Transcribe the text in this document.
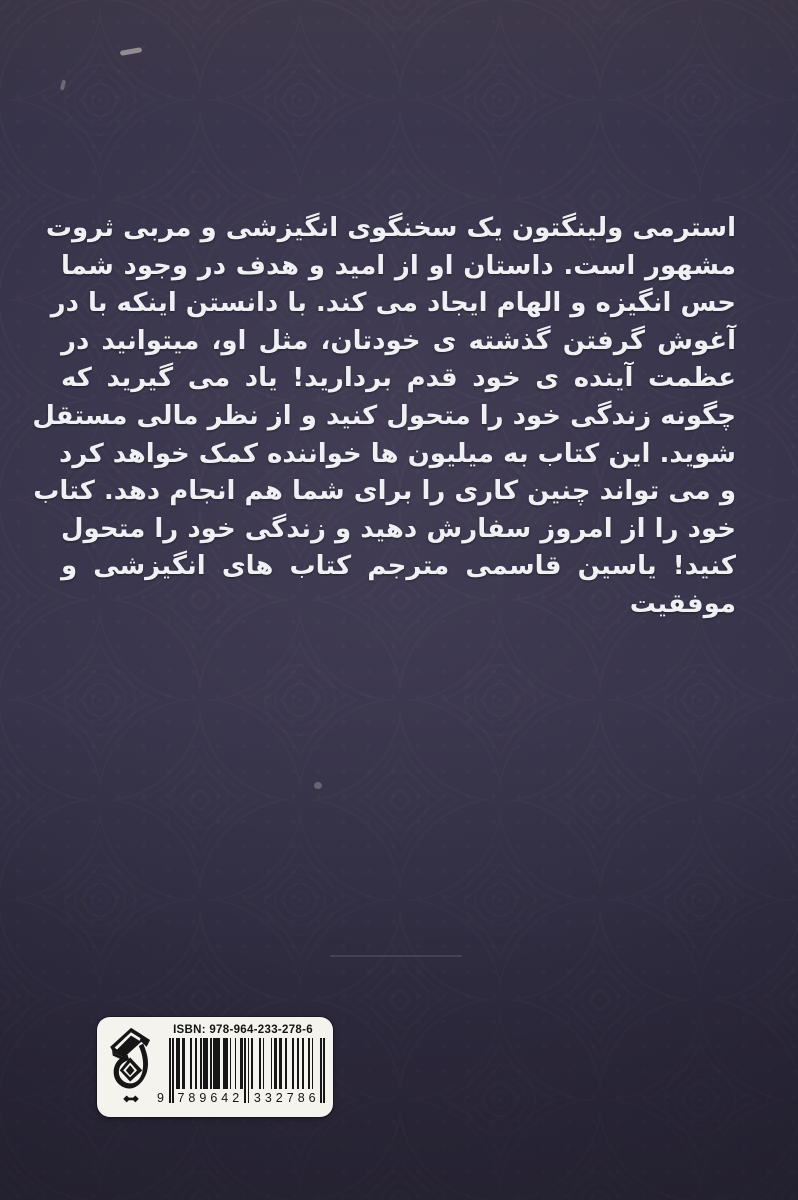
استرمی ولینگتون یک سخنگوی انگیزشی و مربی ثروت
مشهور است. داستان او از امید و هدف در وجود شما
حس انگیزه و الهام ایجاد می کند. با دانستن اینکه با در
آغوش گرفتن گذشته ی خودتان، مثل او، میتوانید در
عظمت آینده ی خود قدم بردارید! یاد می گیرید که
چگونه زندگی خود را متحول کنید و از نظر مالی مستقل
شوید. این کتاب به میلیون ها خواننده کمک خواهد کرد
و می تواند چنین کاری را برای شما هم انجام دهد. کتاب
خود را از امروز سفارش دهید و زندگی خود را متحول
کنید! یاسین قاسمی مترجم کتاب های انگیزشی و
موفقیت
ISBN: 978-964-233-278-6
9 789642 332786
